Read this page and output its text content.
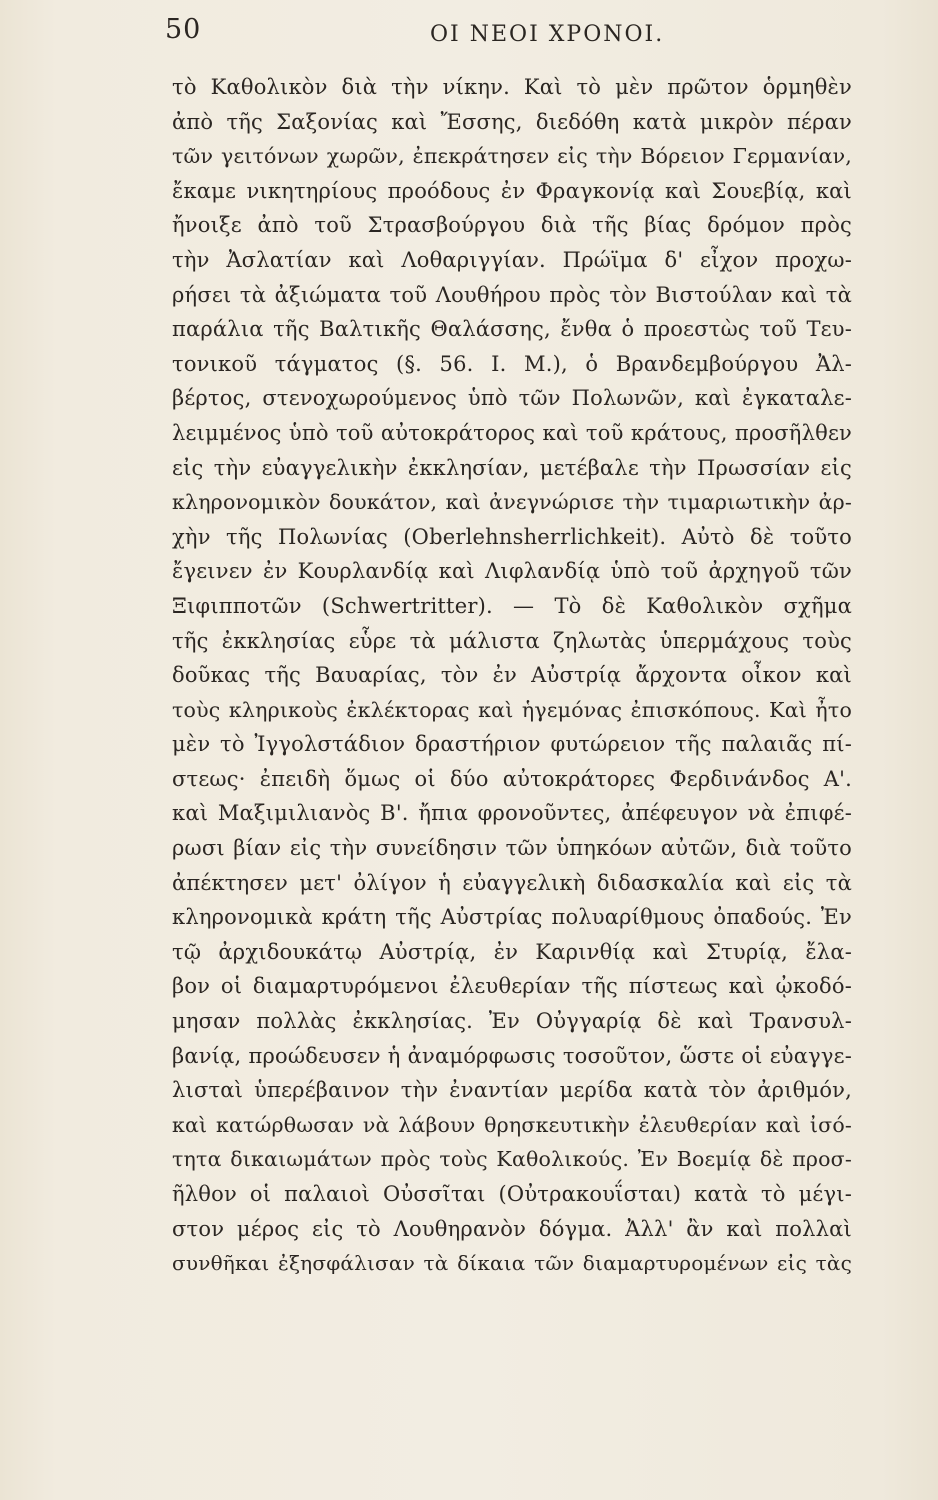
50	ΟΙ ΝΕΟΙ ΧΡΟΝΟΙ.
τὸ Καθολικὸν διὰ τὴν νίκην. Καὶ τὸ μὲν πρῶτον ὁρμηθὲν
ἀπὸ τῆς Σαξονίας καὶ Ἔσσης, διεδόθη κατὰ μικρὸν πέραν
τῶν γειτόνων χωρῶν, ἐπεκράτησεν εἰς τὴν Βόρειον Γερμανίαν,
ἔκαμε νικητηρίους προόδους ἐν Φραγκονίᾳ καὶ Σουεβίᾳ, καὶ
ἤνοιξε ἀπὸ τοῦ Στρασβούργου διὰ τῆς βίας δρόμον πρὸς
τὴν Ἀσλατίαν καὶ Λοθαριγγίαν. Πρώϊμα δ' εἶχον προχω-
ρήσει τὰ ἀξιώματα τοῦ Λουθήρου πρὸς τὸν Βιστούλαν καὶ τὰ
παράλια τῆς Βαλτικῆς Θαλάσσης, ἔνθα ὁ προεστὼς τοῦ Τευ-
τονικοῦ τάγματος (§. 56. I. M.), ὁ Βρανδεμβούργου Ἀλ-
βέρτος, στενοχωρούμενος ὑπὸ τῶν Πολωνῶν, καὶ ἐγκαταλε-
λειμμένος ὑπὸ τοῦ αὐτοκράτορος καὶ τοῦ κράτους, προσῆλθεν
εἰς τὴν εὐαγγελικὴν ἐκκλησίαν, μετέβαλε τὴν Πρωσσίαν εἰς
κληρονομικὸν δουκάτον, καὶ ἀνεγνώρισε τὴν τιμαριωτικὴν ἀρ-
χὴν τῆς Πολωνίας (Oberlehnsherrlichkeit). Αὐτὸ δὲ τοῦτο
ἔγεινεν ἐν Κουρλανδίᾳ καὶ Λιφλανδίᾳ ὑπὸ τοῦ ἀρχηγοῦ τῶν
Ξιφιπποτῶν (Schwertritter). — Τὸ δὲ Καθολικὸν σχῆμα
τῆς ἐκκλησίας εὗρε τὰ μάλιστα ζηλωτὰς ὑπερμάχους τοὺς
δοῦκας τῆς Βαυαρίας, τὸν ἐν Αὐστρίᾳ ἄρχοντα οἶκον καὶ
τοὺς κληρικοὺς ἐκλέκτορας καὶ ἡγεμόνας ἐπισκόπους. Καὶ ἦτο
μὲν τὸ Ἰγγολστάδιον δραστήριον φυτώρειον τῆς παλαιᾶς πί-
στεως· ἐπειδὴ ὅμως οἱ δύο αὐτοκράτορες Φερδινάνδος Α'.
καὶ Μαξιμιλιανὸς Β'. ἤπια φρονοῦντες, ἀπέφευγον νὰ ἐπιφέ-
ρωσι βίαν εἰς τὴν συνείδησιν τῶν ὑπηκόων αὐτῶν, διὰ τοῦτο
ἀπέκτησεν μετ' ὀλίγον ἡ εὐαγγελικὴ διδασκαλία καὶ εἰς τὰ
κληρονομικὰ κράτη τῆς Αὐστρίας πολυαρίθμους ὀπαδούς. Ἐν
τῷ ἀρχιδουκάτῳ Αὐστρίᾳ, ἐν Καρινθίᾳ καὶ Στυρίᾳ, ἔλα-
βον οἱ διαμαρτυρόμενοι ἐλευθερίαν τῆς πίστεως καὶ ᾠκοδό-
μησαν πολλὰς ἐκκλησίας. Ἐν Οὐγγαρίᾳ δὲ καὶ Τρανσυλ-
βανίᾳ, προώδευσεν ἡ ἀναμόρφωσις τοσοῦτον, ὥστε οἱ εὐαγγε-
λισταὶ ὑπερέβαινον τὴν ἐναντίαν μερίδα κατὰ τὸν ἀριθμόν,
καὶ κατώρθωσαν νὰ λάβουν θρησκευτικὴν ἐλευθερίαν καὶ ἰσό-
τητα δικαιωμάτων πρὸς τοὺς Καθολικούς. Ἐν Βοεμίᾳ δὲ προσ-
ῆλθον οἱ παλαιοὶ Οὐσσῖται (Οὐτρακουΐσται) κατὰ τὸ μέγι-
στον μέρος εἰς τὸ Λουθηρανὸν δόγμα. Ἀλλ' ἂν καὶ πολλαὶ
συνθῆκαι ἐξησφάλισαν τὰ δίκαια τῶν διαμαρτυρομένων εἰς τὰς
